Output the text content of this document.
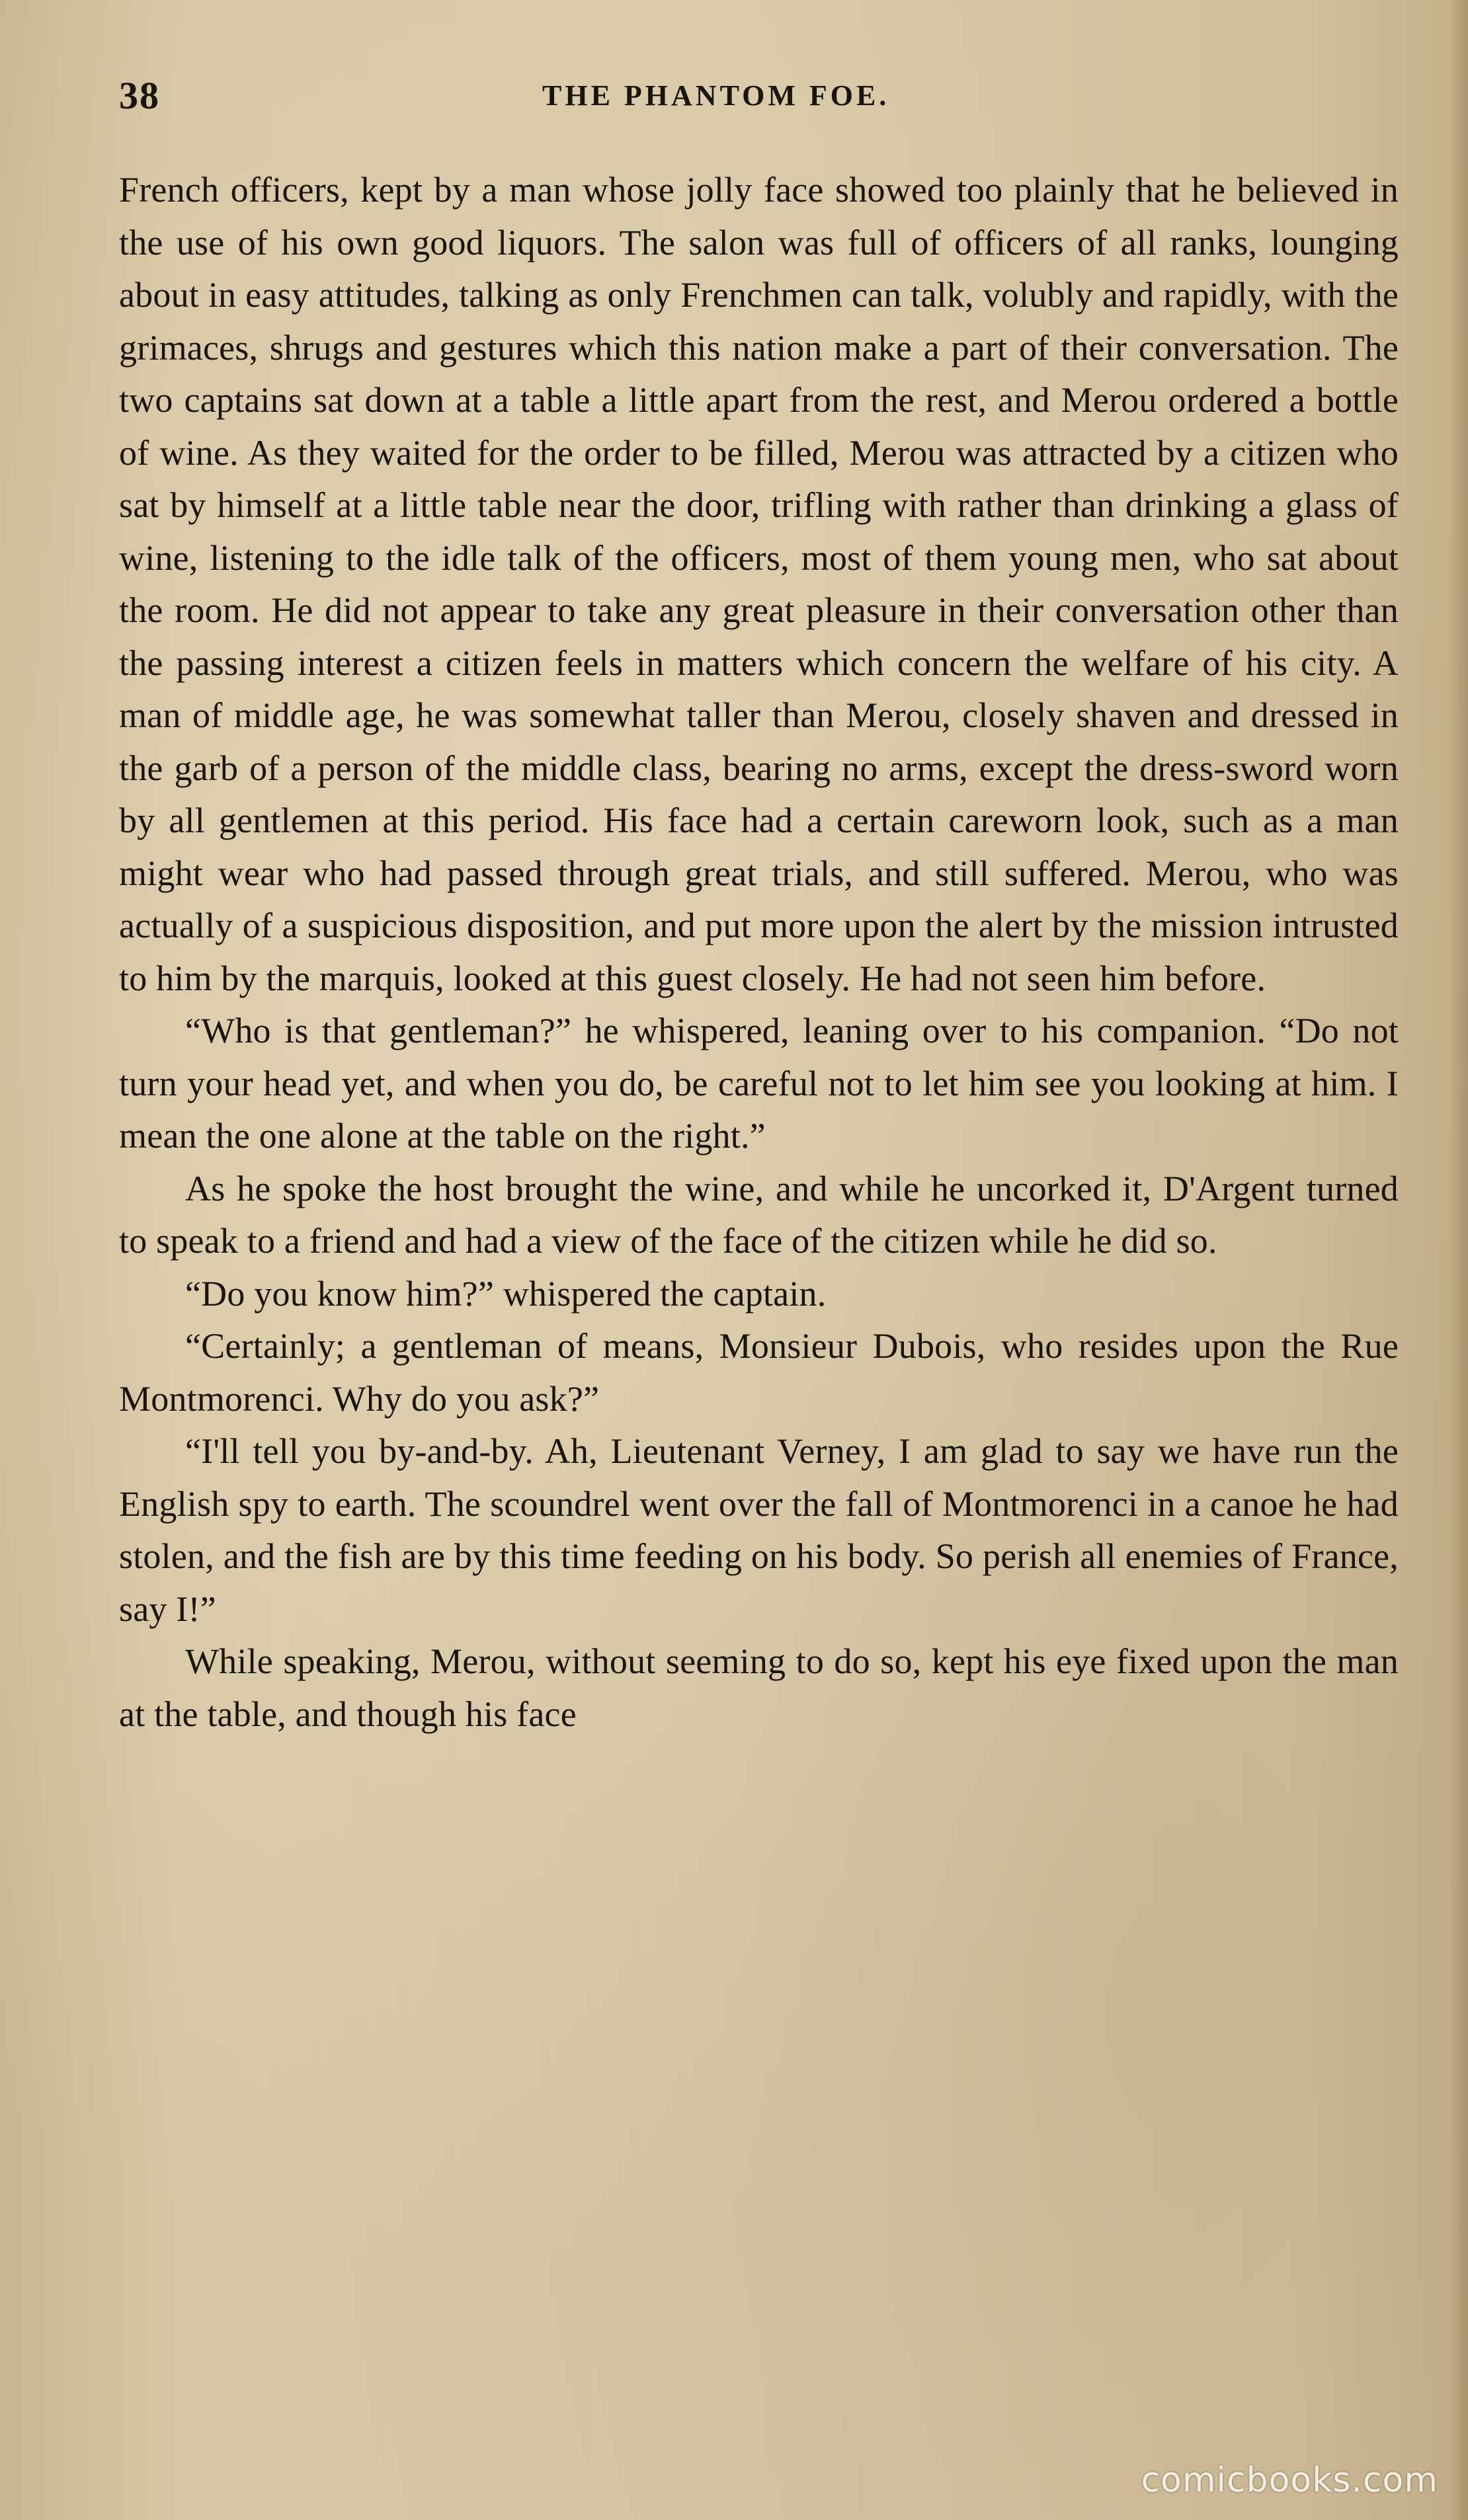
38	THE PHANTOM FOE.

French officers, kept by a man whose jolly face showed too plainly that he believed in the use of his own good liquors. The salon was full of officers of all ranks, lounging about in easy attitudes, talking as only Frenchmen can talk, volubly and rapidly, with the grimaces, shrugs and gestures which this nation make a part of their conversation. The two captains sat down at a table a little apart from the rest, and Merou ordered a bottle of wine. As they waited for the order to be filled, Merou was attracted by a citizen who sat by himself at a little table near the door, trifling with rather than drinking a glass of wine, listening to the idle talk of the officers, most of them young men, who sat about the room. He did not appear to take any great pleasure in their conversation other than the passing interest a citizen feels in matters which concern the welfare of his city. A man of middle age, he was somewhat taller than Merou, closely shaven and dressed in the garb of a person of the middle class, bearing no arms, except the dress-sword worn by all gentlemen at this period. His face had a certain careworn look, such as a man might wear who had passed through great trials, and still suffered. Merou, who was actually of a suspicious disposition, and put more upon the alert by the mission intrusted to him by the marquis, looked at this guest closely. He had not seen him before.

“Who is that gentleman?” he whispered, leaning over to his companion. “Do not turn your head yet, and when you do, be careful not to let him see you looking at him. I mean the one alone at the table on the right.”

As he spoke the host brought the wine, and while he uncorked it, D'Argent turned to speak to a friend and had a view of the face of the citizen while he did so.

“Do you know him?” whispered the captain.

“Certainly; a gentleman of means, Monsieur Dubois, who resides upon the Rue Montmorenci. Why do you ask?”

“I'll tell you by-and-by. Ah, Lieutenant Verney, I am glad to say we have run the English spy to earth. The scoundrel went over the fall of Montmorenci in a canoe he had stolen, and the fish are by this time feeding on his body. So perish all enemies of France, say I!”

While speaking, Merou, without seeming to do so, kept his eye fixed upon the man at the table, and though his face

comicbooks.com
